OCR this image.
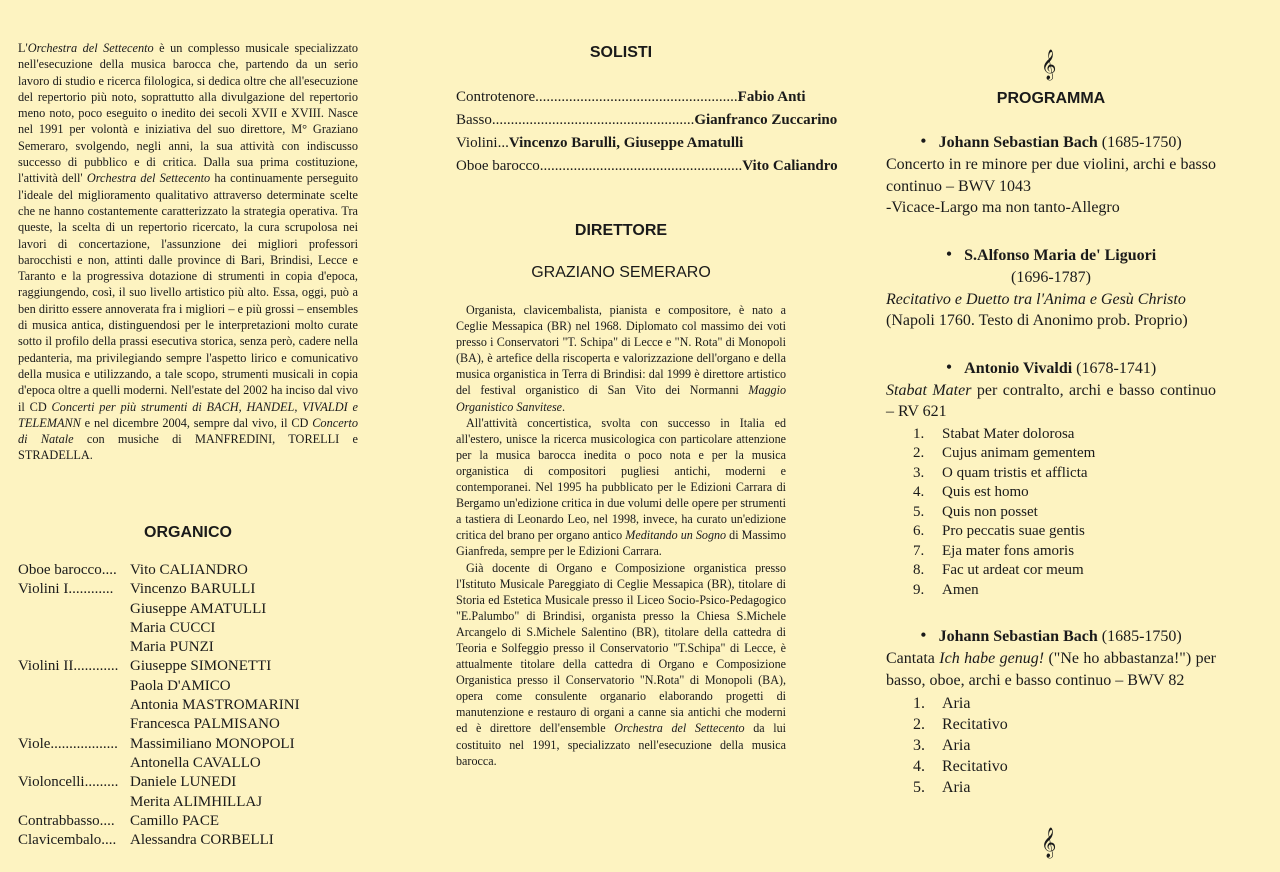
L'Orchestra del Settecento è un complesso musicale specializzato nell'esecuzione della musica barocca che, partendo da un serio lavoro di studio e ricerca filologica, si dedica oltre che all'esecuzione del repertorio più noto, soprattutto alla divulgazione del repertorio meno noto, poco eseguito o inedito dei secoli XVII e XVIII. Nasce nel 1991 per volontà e iniziativa del suo direttore, M° Graziano Semeraro, svolgendo, negli anni, la sua attività con indiscusso successo di pubblico e di critica. Dalla sua prima costituzione, l'attività dell' Orchestra del Settecento ha continuamente perseguito l'ideale del miglioramento qualitativo attraverso determinate scelte che ne hanno costantemente caratterizzato la strategia operativa. Tra queste, la scelta di un repertorio ricercato, la cura scrupolosa nei lavori di concertazione, l'assunzione dei migliori professori barocchisti e non, attinti dalle province di Bari, Brindisi, Lecce e Taranto e la progressiva dotazione di strumenti in copia d'epoca, raggiungendo, così, il suo livello artistico più alto. Essa, oggi, può a ben diritto essere annoverata fra i migliori – e più grossi – ensembles di musica antica, distinguendosi per le interpretazioni molto curate sotto il profilo della prassi esecutiva storica, senza però, cadere nella pedanteria, ma privilegiando sempre l'aspetto lirico e comunicativo della musica e utilizzando, a tale scopo, strumenti musicali in copia d'epoca oltre a quelli moderni. Nell'estate del 2002 ha inciso dal vivo il CD Concerti per più strumenti di BACH, HANDEL, VIVALDI e TELEMANN e nel dicembre 2004, sempre dal vivo, il CD Concerto di Natale con musiche di MANFREDINI, TORELLI e STRADELLA.
ORGANICO
Oboe barocco.... Vito CALIANDRO
Violini I............ Vincenzo BARULLI
Giuseppe AMATULLI
Maria CUCCI
Maria PUNZI
Violini II............ Giuseppe SIMONETTI
Paola D'AMICO
Antonia MASTROMARINI
Francesca PALMISANO
Viole.................. Massimiliano MONOPOLI
Antonella CAVALLO
Violoncelli......... Daniele LUNEDI
Merita ALIMHILLAJ
Contrabbasso.... Camillo PACE
Clavicembalo.... Alessandra CORBELLI
SOLISTI
Controtenore ...................................................... Fabio Anti
Basso ...................................................... Gianfranco Zuccarino
Violini... Vincenzo Barulli, Giuseppe Amatulli
Oboe barocco ...................................................... Vito Caliandro
DIRETTORE
GRAZIANO SEMERARO

Organista, clavicembalista, pianista e compositore, è nato a Ceglie Messapica (BR) nel 1968. Diplomato col massimo dei voti presso i Conservatori "T. Schipa" di Lecce e "N. Rota" di Monopoli (BA), è artefice della riscoperta e valorizzazione dell'organo e della musica organistica in Terra di Brindisi: dal 1999 è direttore artistico del festival organistico di San Vito dei Normanni Maggio Organistico Sanvitese.

All'attività concertistica, svolta con successo in Italia ed all'estero, unisce la ricerca musicologica con particolare attenzione per la musica barocca inedita o poco nota e per la musica organistica di compositori pugliesi antichi, moderni e contemporanei. Nel 1995 ha pubblicato per le Edizioni Carrara di Bergamo un'edizione critica in due volumi delle opere per strumenti a tastiera di Leonardo Leo, nel 1998, invece, ha curato un'edizione critica del brano per organo antico Meditando un Sogno di Massimo Gianfreda, sempre per le Edizioni Carrara.

Già docente di Organo e Composizione organistica presso l'Istituto Musicale Pareggiato di Ceglie Messapica (BR), titolare di Storia ed Estetica Musicale presso il Liceo Socio-Psico-Pedagogico "E.Palumbo" di Brindisi, organista presso la Chiesa S.Michele Arcangelo di S.Michele Salentino (BR), titolare della cattedra di Teoria e Solfeggio presso il Conservatorio "T.Schipa" di Lecce, è attualmente titolare della cattedra di Organo e Composizione Organistica presso il Conservatorio "N.Rota" di Monopoli (BA), opera come consulente organario elaborando progetti di manutenzione e restauro di organi a canne sia antichi che moderni ed è direttore dell'ensemble Orchestra del Settecento da lui costituito nel 1991, specializzato nell'esecuzione della musica barocca.

𝄞
PROGRAMMA
• Johann Sebastian Bach (1685-1750)
Concerto in re minore per due violini, archi e basso continuo – BWV 1043
-Vicace-Largo ma non tanto-Allegro
• S.Alfonso Maria de' Liguori
(1696-1787)
Recitativo e Duetto tra l'Anima e Gesù Christo
(Napoli 1760. Testo di Anonimo prob. Proprio)
• Antonio Vivaldi (1678-1741)
Stabat Mater per contralto, archi e basso continuo – RV 621
1. Stabat Mater dolorosa
2. Cujus animam gementem
3. O quam tristis et afflicta
4. Quis est homo
5. Quis non posset
6. Pro peccatis suae gentis
7. Eja mater fons amoris
8. Fac ut ardeat cor meum
9. Amen
• Johann Sebastian Bach (1685-1750)
Cantata Ich habe genug! ("Ne ho abbastanza!") per basso, oboe, archi e basso continuo – BWV 82
1. Aria
2. Recitativo
3. Aria
4. Recitativo
5. Aria
𝄞
